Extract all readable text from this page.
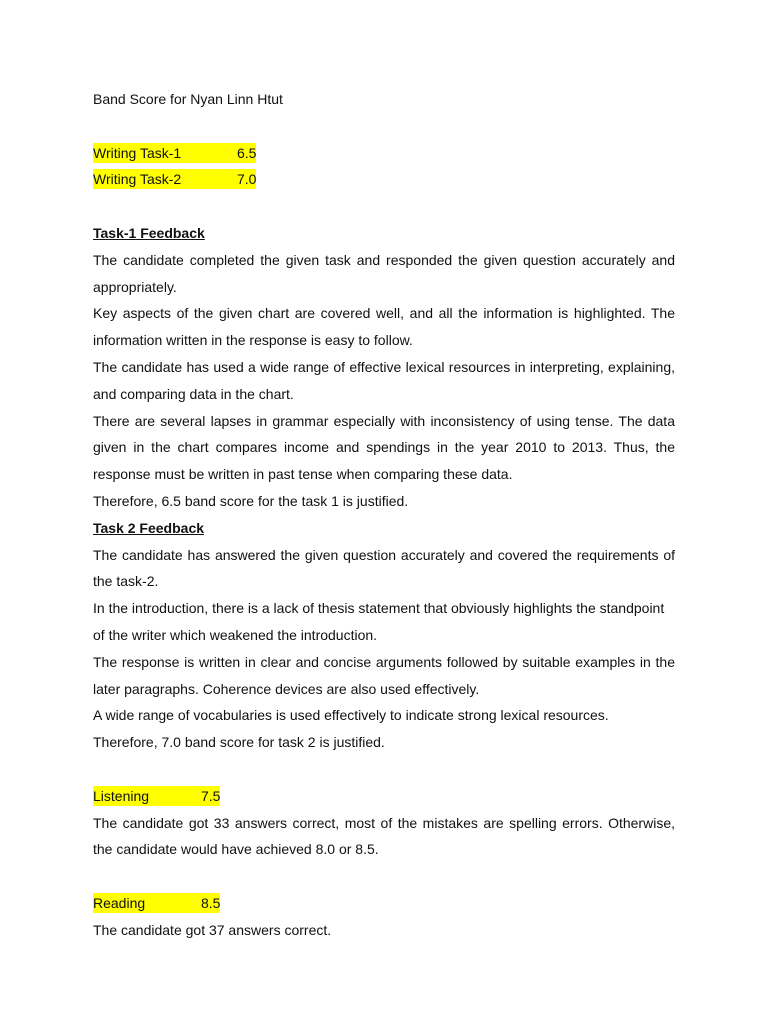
Band Score for Nyan Linn Htut

Writing Task-1	6.5
Writing Task-2	7.0

Task-1 Feedback

The candidate completed the given task and responded the given question accurately and appropriately.

Key aspects of the given chart are covered well, and all the information is highlighted. The information written in the response is easy to follow.

The candidate has used a wide range of effective lexical resources in interpreting, explaining, and comparing data in the chart.

There are several lapses in grammar especially with inconsistency of using tense. The data given in the chart compares income and spendings in the year 2010 to 2013. Thus, the response must be written in past tense when comparing these data.

Therefore, 6.5 band score for the task 1 is justified.

Task 2 Feedback

The candidate has answered the given question accurately and covered the requirements of the task-2.

In the introduction, there is a lack of thesis statement that obviously highlights the standpoint of the writer which weakened the introduction.

The response is written in clear and concise arguments followed by suitable examples in the later paragraphs. Coherence devices are also used effectively.

A wide range of vocabularies is used effectively to indicate strong lexical resources.

Therefore, 7.0 band score for task 2 is justified.

Listening	7.5

The candidate got 33 answers correct, most of the mistakes are spelling errors. Otherwise, the candidate would have achieved 8.0 or 8.5.

Reading	8.5

The candidate got 37 answers correct.
